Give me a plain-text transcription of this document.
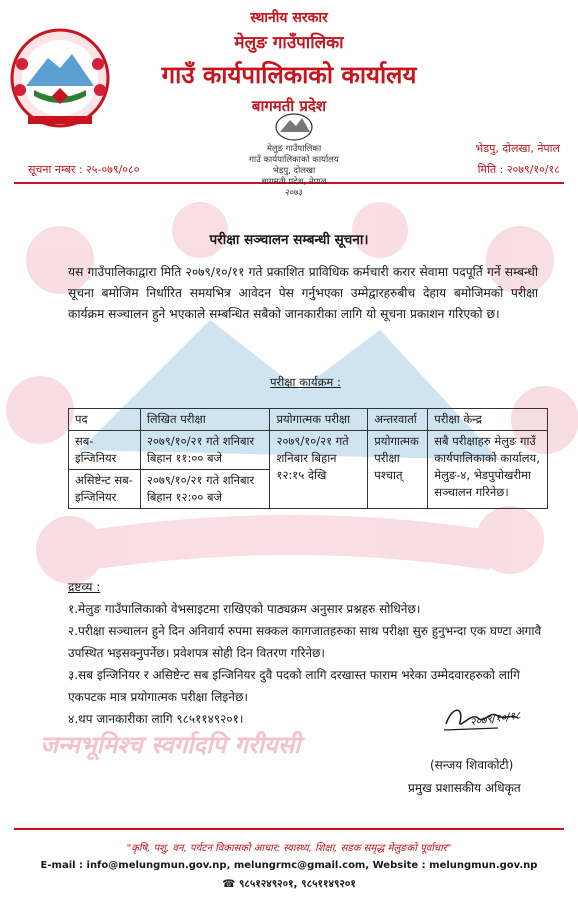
स्थानीय सरकार
मेलुङ गाउँपालिका
गाउँ कार्यपालिकाको कार्यालय
बागमती प्रदेश
भेडपु, दोलखा, नेपाल
सूचना नम्बर : २५-०७९/०८०	मिति : २०७९/१०/१८
मेलुङ गाउँपालिका
गाउँ कार्यपालिकाको कार्यालय
भेडपु, दोलखा
बागमती प्रदेश, नेपाल
२०७३
परीक्षा सञ्चालन सम्बन्धी सूचना।
यस गाउँपालिकाद्वारा मिति २०७९/१०/११ गते प्रकाशित प्राविधिक कर्मचारी करार सेवामा पदपूर्ति गर्ने सम्बन्धी सूचना बमोजिम निर्धारित समयभित्र आवेदन पेस गर्नुभएका उम्मेद्वारहरुबीच देहाय बमोजिमको परीक्षा कार्यक्रम सञ्चालन हुने भएकाले सम्बन्धित सबैको जानकारीका लागि यो सूचना प्रकाशन गरिएको छ।
परीक्षा कार्यक्रम :
पद	लिखित परीक्षा	प्रयोगात्मक परीक्षा	अन्तरवार्ता	परीक्षा केन्द्र
सब-इन्जिनियर	२०७९/१०/२१ गते शनिबार बिहान ११:०० बजे	२०७९/१०/२१ गते शनिबार बिहान १२:१५ देखि	प्रयोगात्मक परीक्षा पश्चात्	सबै परीक्षाहरु मेलुङ गाउँ कार्यपालिकाको कार्यालय, मेलुङ-४, भेडपुपोखरीमा सञ्चालन गरिनेछ।
असिष्टेन्ट सब-इन्जिनियर	२०७९/१०/२१ गते शनिबार बिहान १२:०० बजे			
द्रष्टव्य :
१.मेलुङ गाउँपालिकाको वेभसाइटमा राखिएको पाठ्यक्रम अनुसार प्रश्नहरु सोधिनेछ।
२.परीक्षा सञ्चालन हुने दिन अनिवार्य रुपमा सक्कल कागजातहरुका साथ परीक्षा सुरु हुनुभन्दा एक घण्टा अगावै उपस्थित भइसक्नुपर्नेछ। प्रवेशपत्र सोही दिन वितरण गरिनेछ।
३.सब इन्जिनियर र असिष्टेन्ट सब इन्जिनियर दुवै पदको लागि दरखास्त फाराम भरेका उम्मेदवारहरुको लागि एकपटक मात्र प्रयोगात्मक परीक्षा लिइनेछ।
४.थप जानकारीका लागि ९८५११४९२०१।
जन्मभूमिश्च स्वर्गादपि गरीयसी
२०७९/१०/१८
(सन्जय शिवाकोटी)
प्रमुख प्रशासकीय अधिकृत
"कृषि, पशु, वन, पर्यटन विकासको आधार: स्वास्थ्य, शिक्षा, सडक समृद्ध मेलुङको पूर्वाधार"
E-mail : info@melungmun.gov.np, melungrmc@gmail.com, Website : melungmun.gov.np
☎ ९८५१२४९२०१, ९८५११४९२०१
